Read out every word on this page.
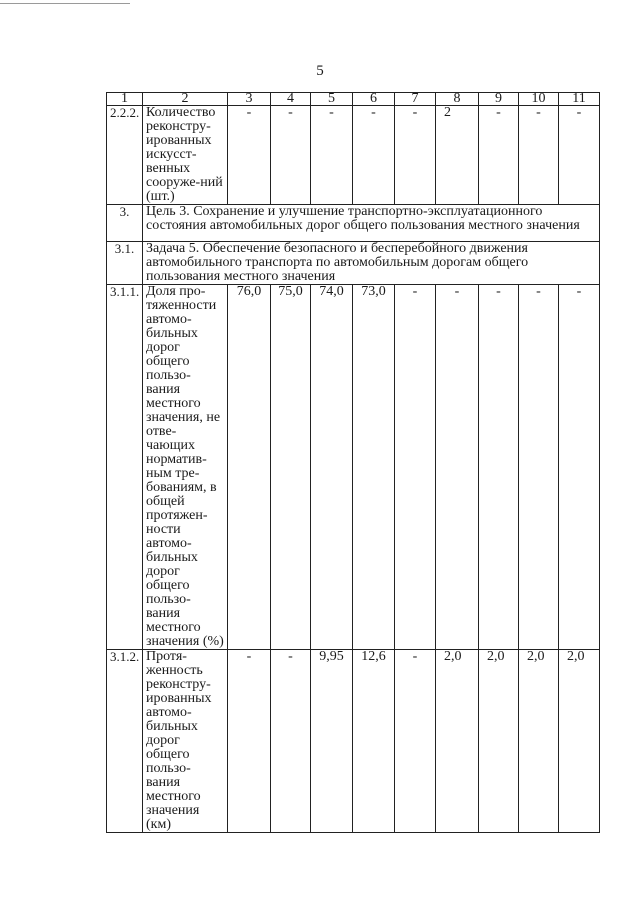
5
1	2	3	4	5	6	7	8	9	10	11
2.2.2.	Количество реконстру-ированных искусст-венных сооруже-ний (шт.)	-	-	-	-	-	2	-	-	-
3.	Цель 3. Сохранение и улучшение транспортно-эксплуатационного состояния автомобильных дорог общего пользования местного значения									
3.1.	Задача 5. Обеспечение безопасного и бесперебойного движения автомобильного транспорта по автомобильным дорогам общего пользования местного значения									
3.1.1.	Доля про-тяженности автомо-бильных дорог общего пользо-вания местного значения, не отве-чающих норматив-ным тре-бованиям, в общей протяжен-ности автомо-бильных дорог общего пользо-вания местного значения (%)	76,0	75,0	74,0	73,0	-	-	-	-	-
3.1.2.	Протя-женность реконстру-ированных автомо-бильных дорог общего пользо-вания местного значения (км)	-	-	9,95	12,6	-	2,0	2,0	2,0	2,0
